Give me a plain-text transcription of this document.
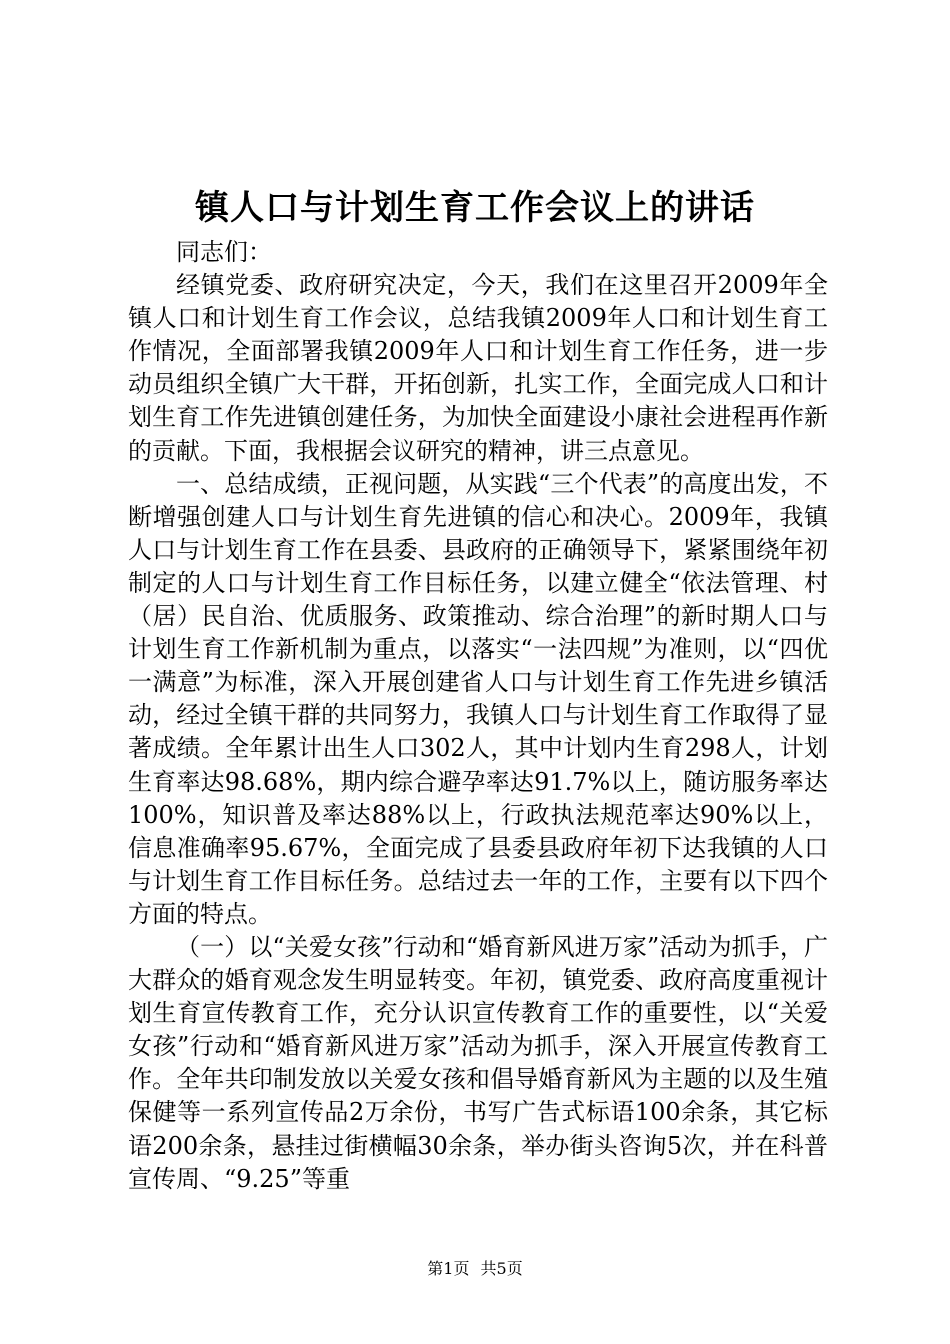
镇人口与计划生育工作会议上的讲话

同志们：

经镇党委、政府研究决定，今天，我们在这里召开2009年全镇人口和计划生育工作会议，总结我镇2009年人口和计划生育工作情况，全面部署我镇2009年人口和计划生育工作任务，进一步动员组织全镇广大干群，开拓创新，扎实工作，全面完成人口和计划生育工作先进镇创建任务，为加快全面建设小康社会进程再作新的贡献。下面，我根据会议研究的精神，讲三点意见。

一、总结成绩，正视问题，从实践“三个代表”的高度出发，不断增强创建人口与计划生育先进镇的信心和决心。2009年，我镇人口与计划生育工作在县委、县政府的正确领导下，紧紧围绕年初制定的人口与计划生育工作目标任务，以建立健全“依法管理、村（居）民自治、优质服务、政策推动、综合治理”的新时期人口与计划生育工作新机制为重点，以落实“一法四规”为准则，以“四优一满意”为标准，深入开展创建省人口与计划生育工作先进乡镇活动，经过全镇干群的共同努力，我镇人口与计划生育工作取得了显著成绩。全年累计出生人口302人，其中计划内生育298人，计划生育率达98.68%，期内综合避孕率达91.7%以上，随访服务率达100%，知识普及率达88%以上，行政执法规范率达90%以上，信息准确率95.67%，全面完成了县委县政府年初下达我镇的人口与计划生育工作目标任务。总结过去一年的工作，主要有以下四个方面的特点。

（一）以“关爱女孩”行动和“婚育新风进万家”活动为抓手，广大群众的婚育观念发生明显转变。年初，镇党委、政府高度重视计划生育宣传教育工作，充分认识宣传教育工作的重要性，以“关爱女孩”行动和“婚育新风进万家”活动为抓手，深入开展宣传教育工作。全年共印制发放以关爱女孩和倡导婚育新风为主题的以及生殖保健等一系列宣传品2万余份，书写广告式标语100余条，其它标语200余条，悬挂过街横幅30余条，举办街头咨询5次，并在科普宣传周、“9.25”等重

第1页 共5页
